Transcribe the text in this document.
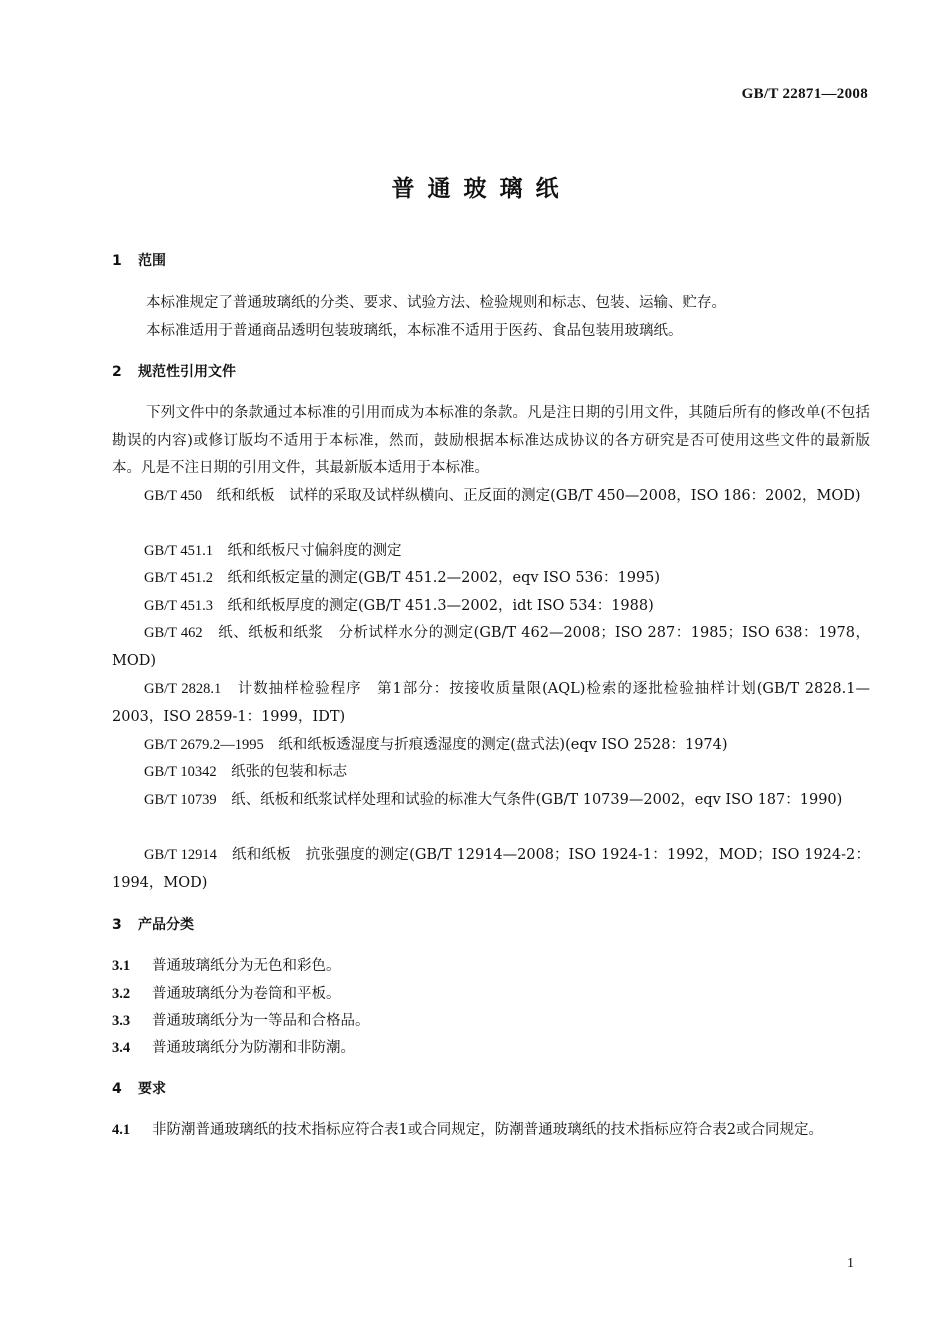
GB/T 22871—2008
普通玻璃纸
1 范围
本标准规定了普通玻璃纸的分类、要求、试验方法、检验规则和标志、包装、运输、贮存。
本标准适用于普通商品透明包装玻璃纸，本标准不适用于医药、食品包装用玻璃纸。
2 规范性引用文件
下列文件中的条款通过本标准的引用而成为本标准的条款。凡是注日期的引用文件，其随后所有的修改单(不包括勘误的内容)或修订版均不适用于本标准，然而，鼓励根据本标准达成协议的各方研究是否可使用这些文件的最新版本。凡是不注日期的引用文件，其最新版本适用于本标准。
GB/T 450　 纸和纸板　试样的采取及试样纵横向、正反面的测定(GB/T 450—2008，ISO 186：2002，MOD)
GB/T 451.1　 纸和纸板尺寸偏斜度的测定
GB/T 451.2　 纸和纸板定量的测定(GB/T 451.2—2002，eqv ISO 536：1995)
GB/T 451.3　 纸和纸板厚度的测定(GB/T 451.3—2002，idt ISO 534：1988)
GB/T 462　 纸、纸板和纸浆　分析试样水分的测定(GB/T 462—2008；ISO 287：1985；ISO 638：1978，MOD)
GB/T 2828.1　 计数抽样检验程序　第1部分：按接收质量限(AQL)检索的逐批检验抽样计划(GB/T 2828.1—2003，ISO 2859-1：1999，IDT)
GB/T 2679.2—1995　 纸和纸板透湿度与折痕透湿度的测定(盘式法)(eqv ISO 2528：1974)
GB/T 10342　 纸张的包装和标志
GB/T 10739　 纸、纸板和纸浆试样处理和试验的标准大气条件(GB/T 10739—2002，eqv ISO 187：1990)
GB/T 12914　 纸和纸板　抗张强度的测定(GB/T 12914—2008；ISO 1924-1：1992，MOD；ISO 1924-2：1994，MOD)
3 产品分类
3.1 普通玻璃纸分为无色和彩色。
3.2 普通玻璃纸分为卷筒和平板。
3.3 普通玻璃纸分为一等品和合格品。
3.4 普通玻璃纸分为防潮和非防潮。
4 要求
4.1 非防潮普通玻璃纸的技术指标应符合表1或合同规定，防潮普通玻璃纸的技术指标应符合表2或合同规定。
1
